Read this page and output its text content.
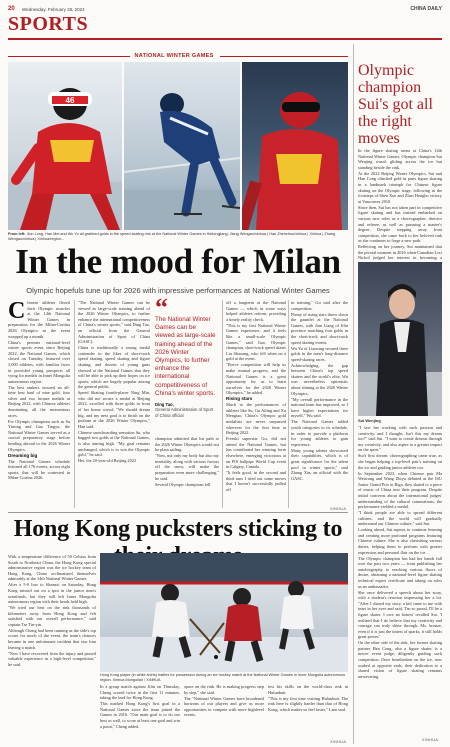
20 Wednesday, February 28, 2024	CHINA DAILY
SPORTS
NATIONAL WINTER GAMES
46
From left: Jiun Long, Han Mei and Wu Yu all grabbed golds in the speed skating rink at the National Winter Games in Heilongjiang. Jiang Wengao/xinhua | Han Zhenzhou/xinhua | Xinhua | Zhang Wengao/xinhua | Xinhua/region...
In the mood for Milan
Olympic hopefuls tune up for 2026 with impressive performances at National Winter Games

Chinese athletes flexed their Olympic muscles at the 14th National Winter Games in preparation for the Milan-Cortina 2026 Olympics as the event wrapped up a month.

China's premier national-level winter sports event since Beijing 2022, the National Games, which closed on Tuesday, featured over 3,000 athletes, with familiar faces in provided young prospects all vying for medals in Inner Mongolia autonomous region.

The best rankers secured an all-time best haul of nine gold, four silver and two bronze medals at Beijing 2022, with Chinese athletes dominating all the momentous races.

For Olympic champions such as Su Yiming and Gao Tingyu, the National Winter Games served as a crucial preparatory stage before heading abroad to the 2026 Winter Olympics.

Dreaming big

The National Games schedule featured all 176 events, across eight sports, that will be contested in Milan-Cortina 2026.

"The National Winter Games can be viewed as large-scale training ahead of the 2026 Winter Olympics, to further enhance the international competitiveness of China's winter sports," said Ding Tao, an official from the General Administration of Sport of China (GASC).

China is traditionally a strong medal contender in the likes of short-track speed skating, speed skating and figure skating, and dozens of young guns showed at the National Games that they will be able to pick up their hopes on ice sports, which are hugely popular among the general public.

Speed Skating fourth-placer Ning Min, who did not secure a medal at Beijing 2022, excelled with three golds in front of her home crowd. "We should dream big, and my next goal is to finish on the podium at the 2026 Winter Olympics," Han said.

Chinese snowboarding sensation Su, who bagged two golds at the National Games, is also aiming high. "My goal remains unchanged, which is to win the Olympic gold," he said.

Hei, the 20-year-old Beijing 2022

“
The National Winter Games can be viewed as large-scale training ahead of the 2026 Winter Olympics, to further enhance the international competitiveness of China's winter sports.
Ding Tao,
General Administration of Sport of China official

champion admitted that his path to the 2026 Winter Olympics would not be plain sailing.

"Now, not only my body but also my mentality, along with various factors off the snow, will make the preparation even more challenging," he said.

Several Olympic champions fell

off a longterm at the National Games — which in some ways helped athletes reform, providing a timely reality check.

"This is my first National Winter Games experience, and it feels like a small-scale Olympic Games," said Gao, Olympic champion, short-track speed skater Liu Shaoang, who fell when on a gold at the event.

"Fierce competition will help us make mutual progress, and the National Games is a great opportunity for us to learn ourselves for the 2026 Winter Olympics," he added.

Rising stars

Much to the performances of athletes like Su, Gu Ailing and Xu Mengtao, China's Olympic gold medalists are never surpassed wherever for the first time at Beijing 2022.

Freeski superstar Gu, did not attend the National Games, but has contributed her winning form elsewhere, emerging victorious at an FIS halfpipe World Cup event in Calgary, Canada.

"It feels good, in the second and third runs I tried out some moves that I haven't successfully pulled off

in training," Gu said after the competition.

Plenty of rising stars threw down the gauntlet at the National Games, with Jian Liang of Jilin province matching four golds in the short-track and short-track speed skating events.

Wu Yu of Liaoning secured three golds in the men's long-distance speed-skating races.

Acknowledging, the gap between China's top speed skaters and the world's elite, Wu was nevertheless optimistic about shining at the 2026 Winter Olympics.

"My overall performance in the national team has improved, so I have higher expectations for myself," Wu said.

The National Games added youth categories to its schedule, in order to provide a platform for young athletes to gain experience.

Many young talents showcased their capabilities, which is of great significance for the talent pool in winter sports," said Zhang Xin, an official with the GASC.

XINHUA
Olympic champion Sui's got all the right moves

In the figure skating arena at China's 14th National Winter Games, Olympic champion Sui Wenjing wasn't gliding across the ice but standing beside the rink.

At the 2022 Beijing Winter Olympics, Sui and Han Cong clinched gold in pairs figure skating in a landmark triumph for Chinese figure skating on the Olympic stage, following in the footsteps of Shen Xue and Zhao Hongbo victory at Vancouver 2010.

Since then, Sui has not taken part in competitive figure skating and has instead embarked on various new roles as a choreographer, director and referee, as well as pursuing a master's degree. Despite stepping away from competition, she came back to her beloved rink as she continues to forge a new path.

Reflecting on her journey, Sui maintained that the pivotal moment in 2016 when Canadian Lori Nichol judged her interest in becoming a

Sui Wenjing

"I saw her working with such passion and creativity, and I thought, Isn't this my dream too?" said Sui. "I want to create dreams through my creativity, and also aspire to a greater impact on the sport."

Sui's first dream: choreographing came true, as she began helping a top-level pair's training on the ice and guiding junior athletes too.

In September 2023, when Chinese pair Ma Weiwang and Wang Zhiyu debuted at the ISU Junior Grand Prix in Riga, they skated to a piece of music of China into their program. Despite initial concerns about the international judges' understanding of the cultural connotations, the performance yielded a medal.

"I think people are able to spread different cultures, and the world will gradually understand our Chinese culture," said Sui.

Looking ahead, Sui aspires to continue learning and creating more profound programs featuring Chinese culture. She is also cherishing various duties, helping them to perform with greater expression and personal flair on the ice.

The Olympic champion has had her hands full over the past two years — from publishing her autobiography to reaching various floors of desire, obtaining a national-level figure skating technical expert certificate and taking on roles as an ambassador.

She once delivered a speech about her story, with a student's reaction impressing her a lot. "After I shared my story, a kid came to me with tears in her eyes and said, 'I'm so proud. I'll be a figure skater. I owe an honest' recalled Sui. 'I realized that I do believe that my creativity and courage can truly shine through. Ms. bronze, even if it is just the tiniest of sparks, it still holds great power.'

On the other side of the rink, her former skating partner Han Cong, also a figure skater, is a newer event judge, diligently guiding such competition. Once heartbroken on the ice, now soaked at opposite ends, their dedication to a shared vision of figure skating remains unwavering.

XINHUA
Hong Kong pucksters sticking to

With a temperature difference of 50 Celsius from South to Northeast China, the Hong Kong special administrative region was the ice hockey team of Hong Kong, China acclimatized themselves admirably at the 14th National Winter Games.

After a 5-0 loss to Shaanxi on Saturday, Hong Kong missed out on a spot in the junior men's semifinals, but they still left Inner Mongolia autonomous region with their heads held high.

"We tried our best on the rink thousands of kilometers away from Hong Kong and felt satisfied with our overall performance," said captain Tse Tin-yin.

Although Cheng had been running as the side's top scorer for much of the event, the team's chances became in one unfortunate incident that saw him leaving a match.

"Now I have recovered from the injury and passed valuable experience in a high-level competition," he said.

Hong Kong player (in white shirts) battles for possession during an ice hockey match at the National Winter Games in Inner Mongolia autonomous region. Xinhua Mongolian / XINHUA

In a group match against Jilin on Thursday, Cheng scored twice in the first 11 minutes, taking the lead for Hong Kong.

This marked Hong Kong's first goal in a National Games since the team joined the Games in 2016. "Our main goal is to do our best as well, to score at least one goal and win a point," Cheng added.

space on the rink. He is making progress step by step," she said.

The "National Winter Games have broadened horizons of our players and give us more opportunities to compete with more highlevel events.

test his skills on the world-class rink in Hulunbuir.

"This is my first time visiting Hulunbuir. The rink here is slightly harder than that of Hong Kong, which makes us feel faster," Lam said.

XINHUA
